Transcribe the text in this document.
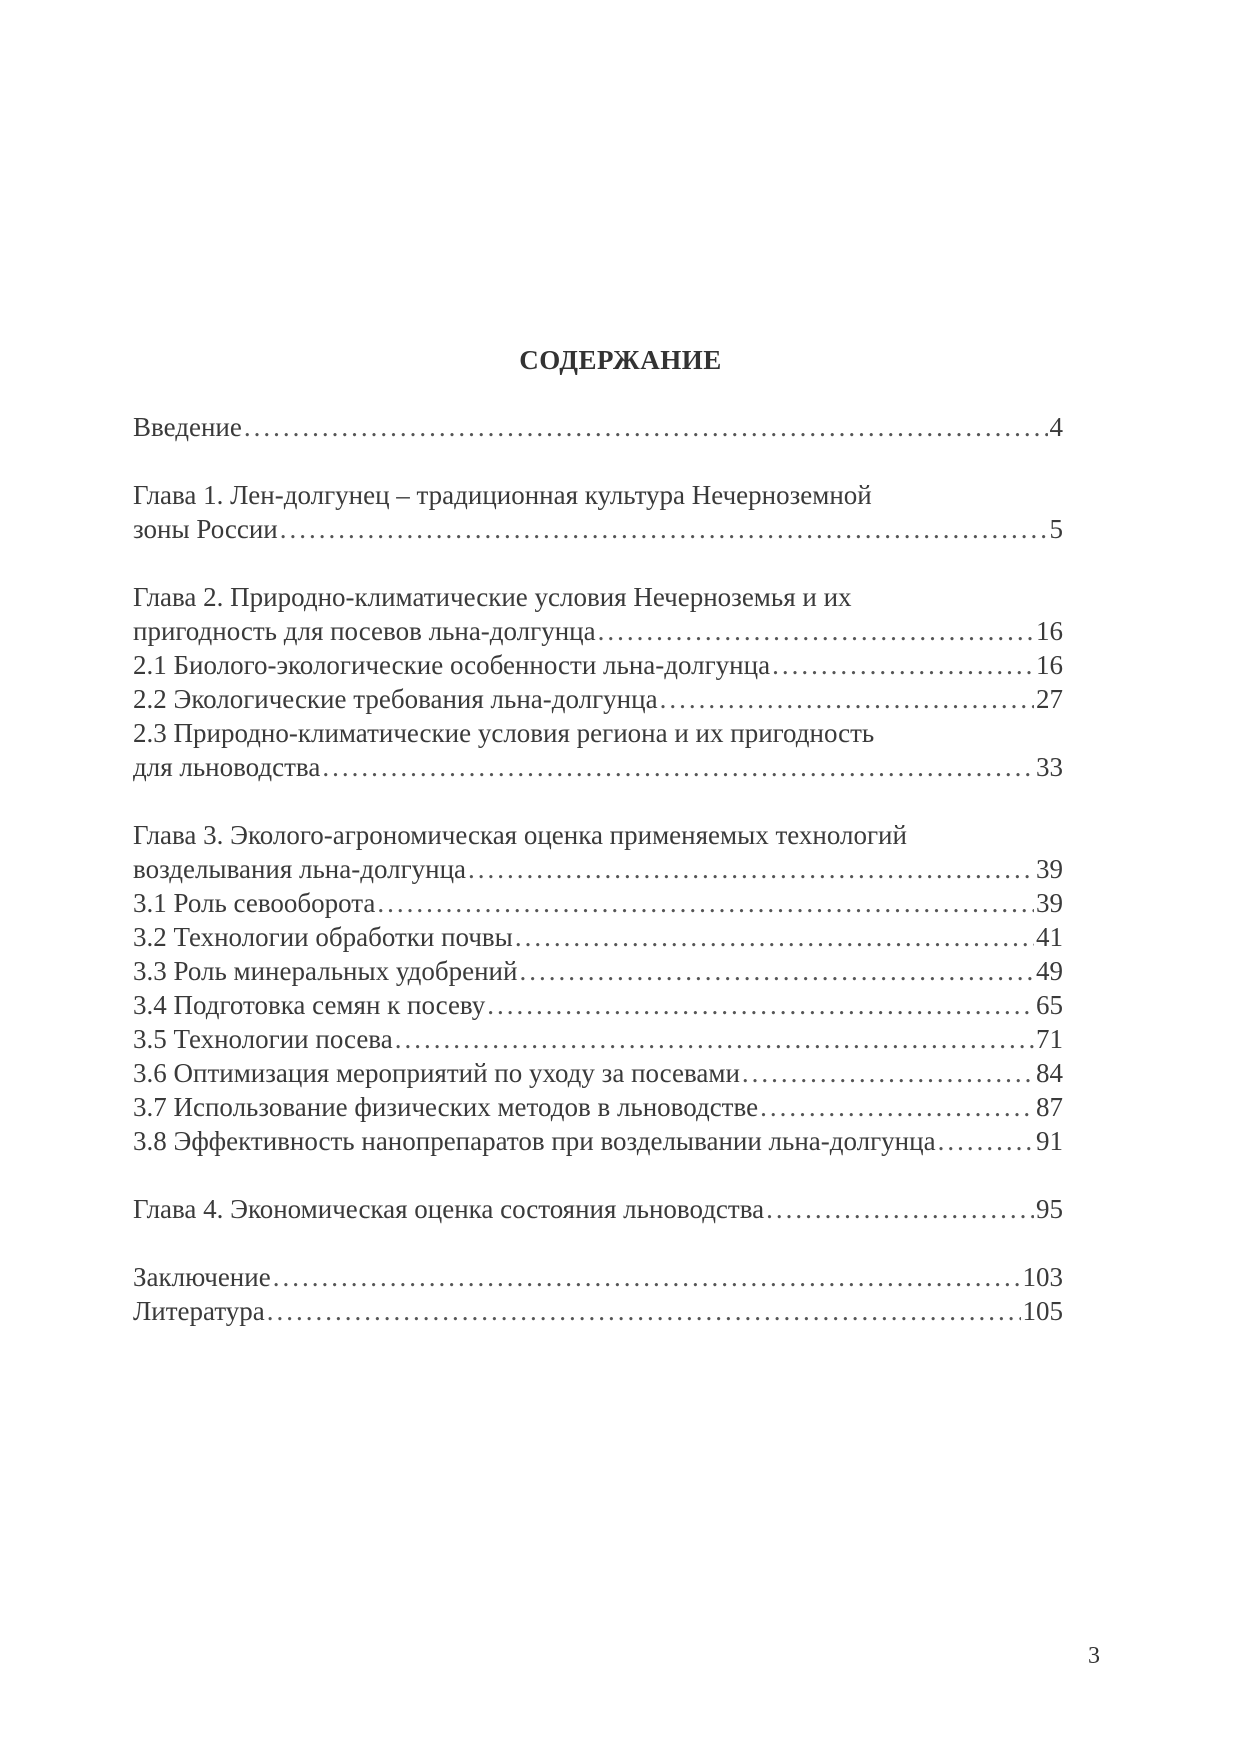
СОДЕРЖАНИЕ
Введение .....	4
Глава 1. Лен-долгунец – традиционная культура Нечерноземной
зоны России .....	5
Глава 2. Природно-климатические условия Нечерноземья и их
пригодность для посевов льна-долгунца .....	16
2.1 Биолого-экологические особенности льна-долгунца .....	16
2.2 Экологические требования льна-долгунца .....	27
2.3 Природно-климатические условия региона и их пригодность
для льноводства .....	33
Глава 3. Эколого-агрономическая оценка применяемых технологий
возделывания льна-долгунца .....	39
3.1 Роль севооборота .....	39
3.2 Технологии обработки почвы .....	41
3.3 Роль минеральных удобрений .....	49
3.4 Подготовка семян к посеву .....	65
3.5 Технологии посева .....	71
3.6 Оптимизация мероприятий по уходу за посевами .....	84
3.7 Использование физических методов в льноводстве .....	87
3.8 Эффективность нанопрепаратов при возделывании льна-долгунца .....	91
Глава 4. Экономическая оценка состояния льноводства .....	95
Заключение .....	103
Литература .....	105
3
